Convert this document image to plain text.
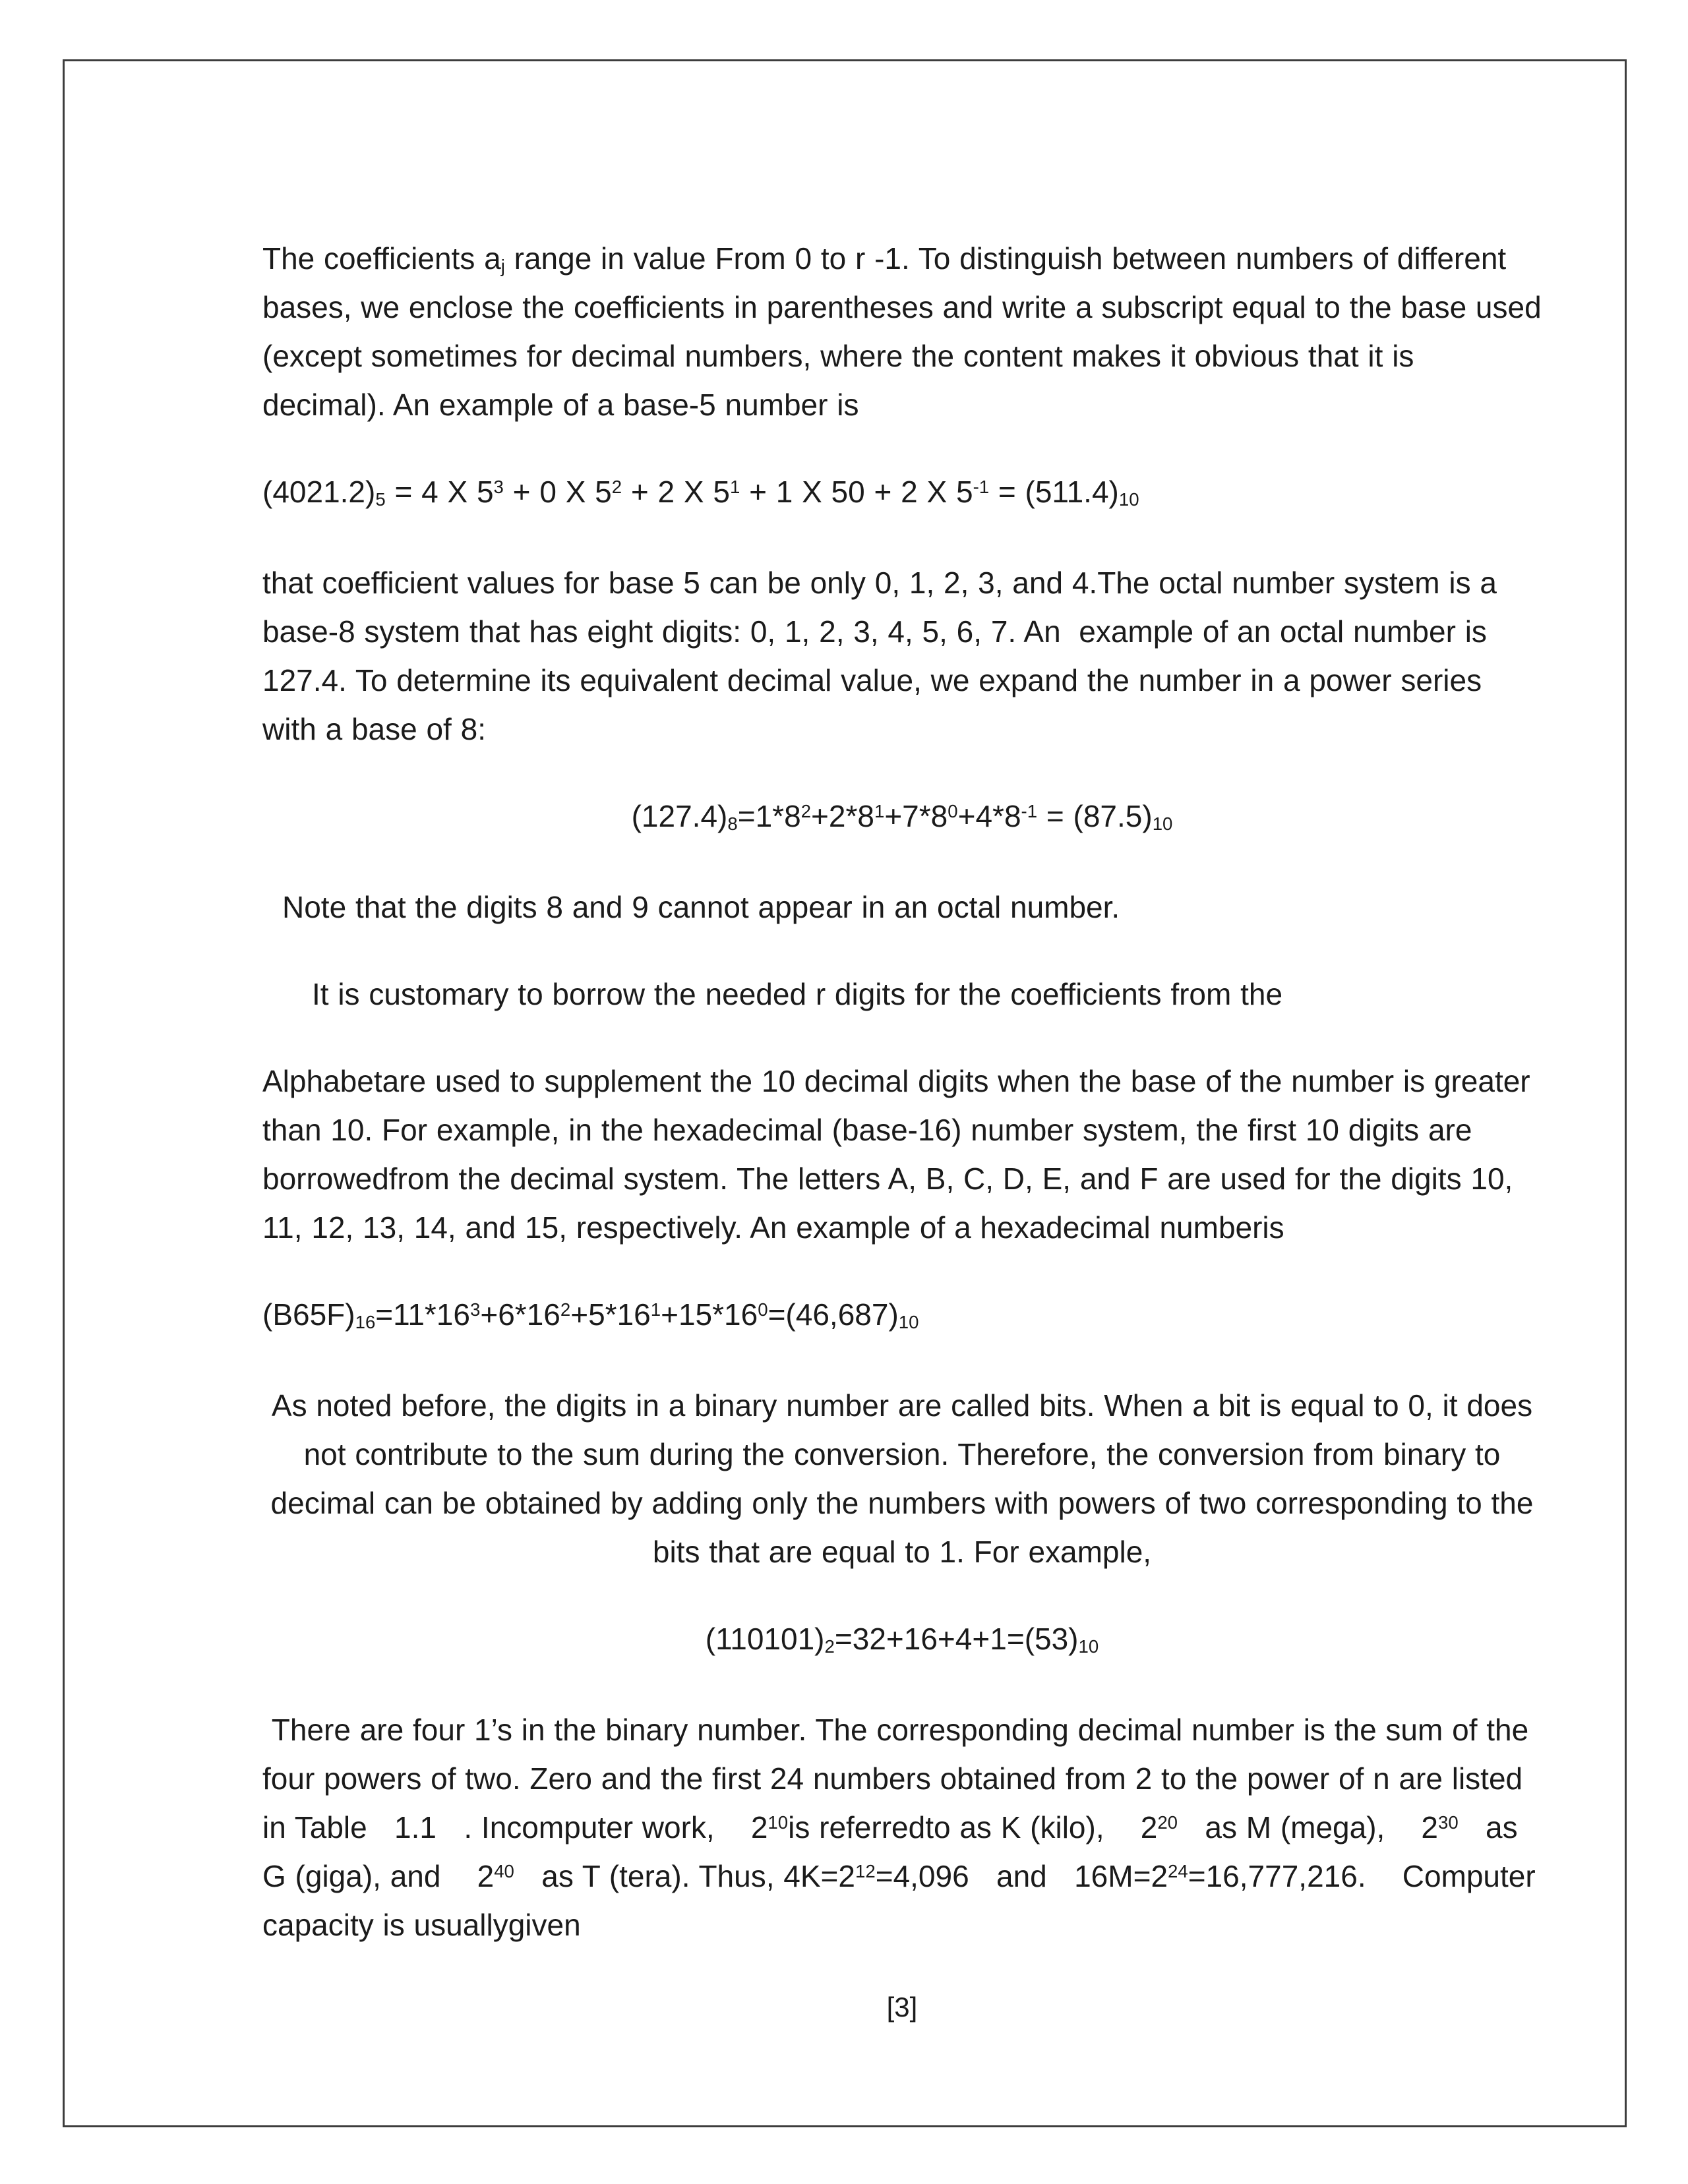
The coefficients $a_j$ range in value From 0 to r -1. To distinguish between numbers of different bases, we enclose the coefficients in parentheses and write a subscript equal to the base used (except sometimes for decimal numbers, where the content makes it obvious that it is decimal). An example of a base-5 number is

$(4021.2)_5 = 4$ X $5^3 + 0$ X $5^2 + 2$ X $5^1 + 1$ X 50 + 2 X $5^{-1} = (511.4)_{10}$

that coefficient values for base 5 can be only 0, 1, 2, 3, and 4.The octal number system is a base-8 system that has eight digits: 0, 1, 2, 3, 4, 5, 6, 7. An  example of an octal number is 127.4. To determine its equivalent decimal value, we expand the number in a power series with a base of 8:

$(127.4)_8=1*8^2+2*8^1+7*8^0+4*8^{-1} = (87.5)_{10}$

Note that the digits 8 and 9 cannot appear in an octal number.

It is customary to borrow the needed r digits for the coefficients from the

Alphabetare used to supplement the 10 decimal digits when the base of the number is greater than 10. For example, in the hexadecimal (base-16) number system, the first 10 digits are borrowedfrom the decimal system. The letters A, B, C, D, E, and F are used for the digits 10, 11, 12, 13, 14, and 15, respectively. An example of a hexadecimal numberis

$(B65F)_{16}=11*16^3+6*16^2+5*16^1+15*16^0=(46,687)_{10}$

As noted before, the digits in a binary number are called bits. When a bit is equal to 0, it does not contribute to the sum during the conversion. Therefore, the conversion from binary to decimal can be obtained by adding only the numbers with powers of two corresponding to the bits that are equal to 1. For example,

$(110101)_2=32+16+4+1=(53)_{10}$

There are four 1’s in the binary number. The corresponding decimal number is the sum of the four powers of two. Zero and the first 24 numbers obtained from 2 to the power of n are listed in Table   1.1   . Incomputer work,    $2^{10}is$ referredto as K (kilo),    $2^{20}$   as M (mega),    $2^{30}$   as G (giga), and    $2^{40}$   as T (tera). Thus, $4K=2^{12}=4,096$   and   $16M=2^{24}=16,777,216$.    Computer capacity is usuallygiven

[3]
